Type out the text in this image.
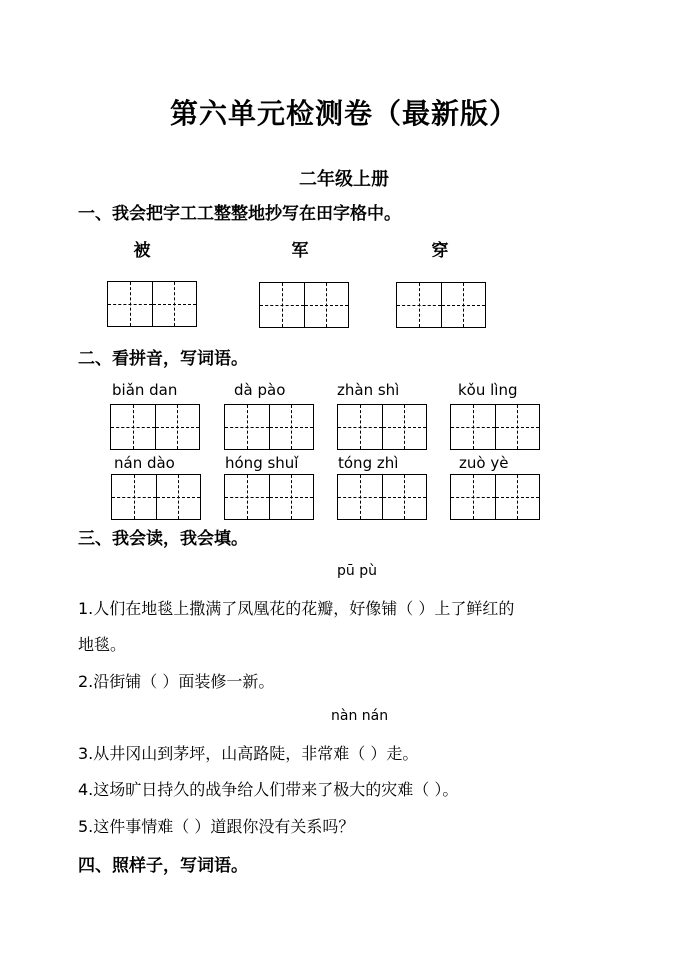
第六单元检测卷（最新版）
二年级上册
一、我会把字工工整整地抄写在田字格中。
被	军	穿
二、看拼音，写词语。
biǎn dan	dà pào	zhàn shì	kǒu lìng
nán dào	hóng shuǐ	tóng zhì	zuò yè
三、我会读，我会填。
pū pù
1.人们在地毯上撒满了凤凰花的花瓣，好像铺（ ）上了鲜红的
地毯。
2.沿街铺（ ）面装修一新。
nàn nán
3.从井冈山到茅坪，山高路陡，非常难（ ）走。
4.这场旷日持久的战争给人们带来了极大的灾难（ ）。
5.这件事情难（ ）道跟你没有关系吗？
四、照样子，写词语。
